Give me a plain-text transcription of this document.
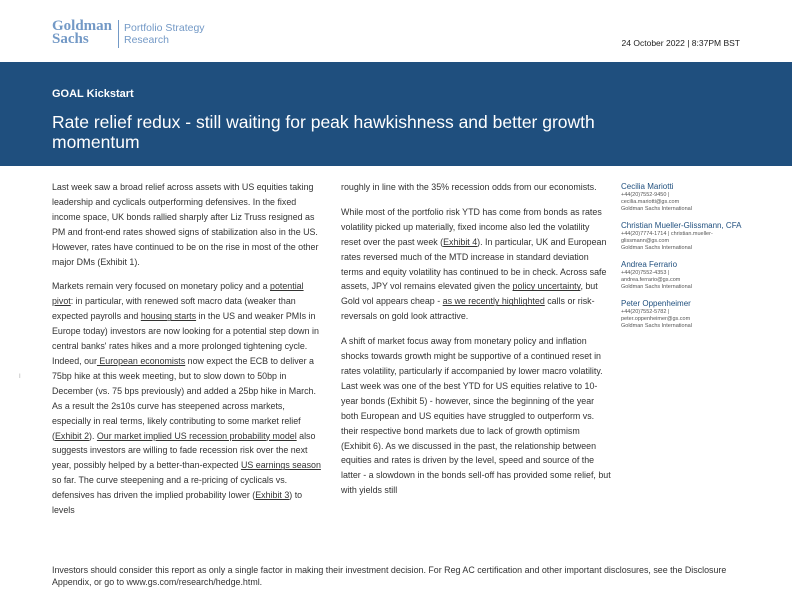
Goldman
Sachs
Portfolio Strategy
Research	24 October 2022 | 8:37PM BST
GOAL Kickstart
Rate relief redux - still waiting for peak hawkishness and better growth momentum
I

Last week saw a broad relief across assets with US equities taking leadership and cyclicals outperforming defensives. In the fixed income space, UK bonds rallied sharply after Liz Truss resigned as PM and front-end rates showed signs of stabilization also in the US. However, rates have continued to be on the rise in most of the other major DMs (Exhibit 1).

Markets remain very focused on monetary policy and a potential pivot: in particular, with renewed soft macro data (weaker than expected payrolls and housing starts in the US and weaker PMIs in Europe today) investors are now looking for a potential step down in central banks' rates hikes and a more prolonged tightening cycle. Indeed, our European economists now expect the ECB to deliver a 75bp hike at this week meeting, but to slow down to 50bp in December (vs. 75 bps previously) and added a 25bp hike in March. As a result the 2s10s curve has steepened across markets, especially in real terms, likely contributing to some market relief (Exhibit 2). Our market implied US recession probability model also suggests investors are willing to fade recession risk over the next year, possibly helped by a better-than-expected US earnings season so far. The curve steepening and a re-pricing of cyclicals vs. defensives has driven the implied probability lower (Exhibit 3) to levels

roughly in line with the 35% recession odds from our economists.

While most of the portfolio risk YTD has come from bonds as rates volatility picked up materially, fixed income also led the volatility reset over the past week (Exhibit 4). In particular, UK and European rates reversed much of the MTD increase in standard deviation terms and equity volatility has continued to be in check. Across safe assets, JPY vol remains elevated given the policy uncertainty, but Gold vol appears cheap - as we recently highlighted calls or risk-reversals on gold look attractive.

A shift of market focus away from monetary policy and inflation shocks towards growth might be supportive of a continued reset in rates volatility, particularly if accompanied by lower macro volatility. Last week was one of the best YTD for US equities relative to 10-year bonds (Exhibit 5) - however, since the beginning of the year both European and US equities have struggled to outperform vs. their respective bond markets due to lack of growth optimism (Exhibit 6). As we discussed in the past, the relationship between equities and rates is driven by the level, speed and source of the latter - a slowdown in the bonds sell-off has provided some relief, but with yields still

Cecilia Mariotti
+44(20)7552-9450 |
cecilia.mariotti@gs.com
Goldman Sachs International
Christian Mueller-Glissmann, CFA
+44(20)7774-1714 | christian.mueller-
glissmann@gs.com
Goldman Sachs International
Andrea Ferrario
+44(20)7552-4353 |
andrea.ferrario@gs.com
Goldman Sachs International
Peter Oppenheimer
+44(20)7552-5782 |
peter.oppenheimer@gs.com
Goldman Sachs International
Investors should consider this report as only a single factor in making their investment decision. For Reg AC certification and other important disclosures, see the Disclosure Appendix, or go to www.gs.com/research/hedge.html.
